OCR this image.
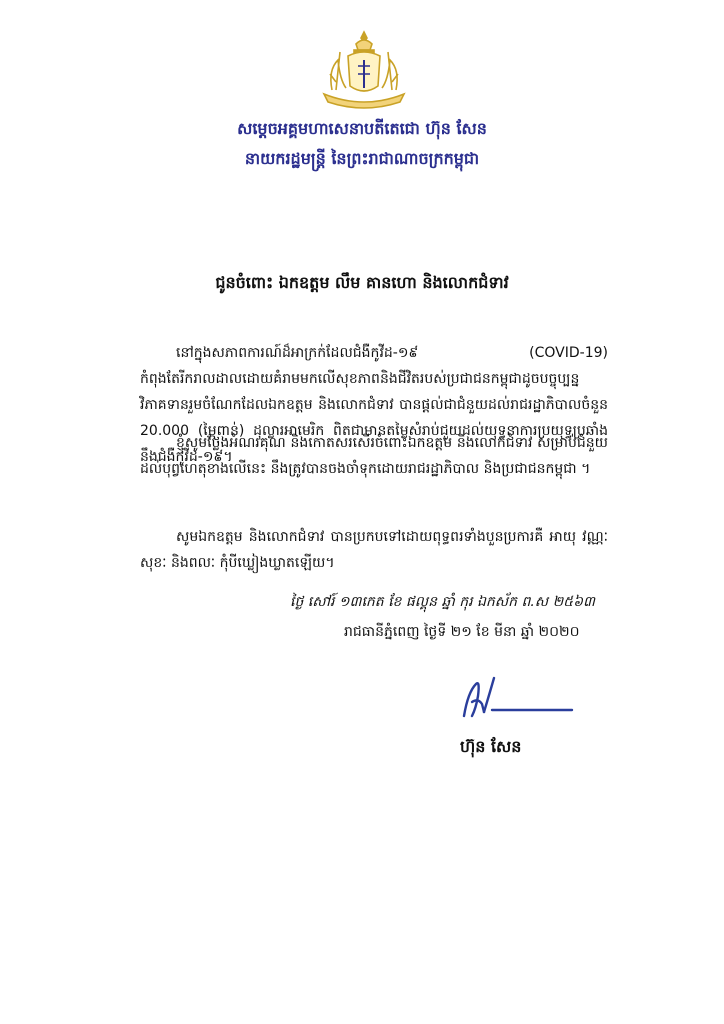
សម្តេចអគ្គមហាសេនាបតីតេជោ ហ៊ុន សែន
នាយករដ្ឋមន្ត្រី នៃព្រះរាជាណាចក្រកម្ពុជា
ជូនចំពោះ ឯកឧត្តម លឹម គានហោ និងលោកជំទាវ
នៅក្នុងសភាពការណ៍ដ៏អាក្រក់ដែលជំងឺកូវីដ-១៩ (COVID-19) កំពុងតែរីករាលដាលដោយគំរាមមកលើសុខភាពនិងជីវិតរបស់ប្រជាជនកម្ពុជាដូចបច្ចុប្បន្ន វិភាគទានរួមចំណែកដែលឯកឧត្តម និងលោកជំទាវ បានផ្តល់ជាជំនួយដល់រាជរដ្ឋាភិបាលចំនួន 20.000 (ម្ភៃពាន់) ដុល្លារអាមេរិក ពិតជាមានតម្លៃសំរាប់ជួយដល់យុទ្ធនាការប្រយុទ្ធប្រឆាំងនឹងជំងឺកូវីដ-១៩។
ខ្ញុំសូមថ្លែងអំណរគុណ និងកោតសរសើរចំពោះឯកឧត្តម និងលោកជំទាវ សម្រាប់ជំនួយដល់បុព្វហេតុខាងលើនេះ នឹងត្រូវបានចងចាំទុកដោយរាជរដ្ឋាភិបាល និងប្រជាជនកម្ពុជា ។
សូមឯកឧត្តម និងលោកជំទាវ បានប្រកបទៅដោយពុទ្ធពរទាំងបួនប្រការគឺ អាយុ វណ្ណៈ សុខៈ និងពលៈ កុំបីឃ្លៀងឃ្លាតឡើយ។
ថ្ងៃ សៅរ៍ ១៣កេត ខែ ផល្គុន ឆ្នាំ កុរ ឯកស័ក ព.ស ២៥៦៣
រាជធានីភ្នំពេញ ថ្ងៃទី ២១ ខែ មីនា ឆ្នាំ ២០២០
ហ៊ុន សែន
